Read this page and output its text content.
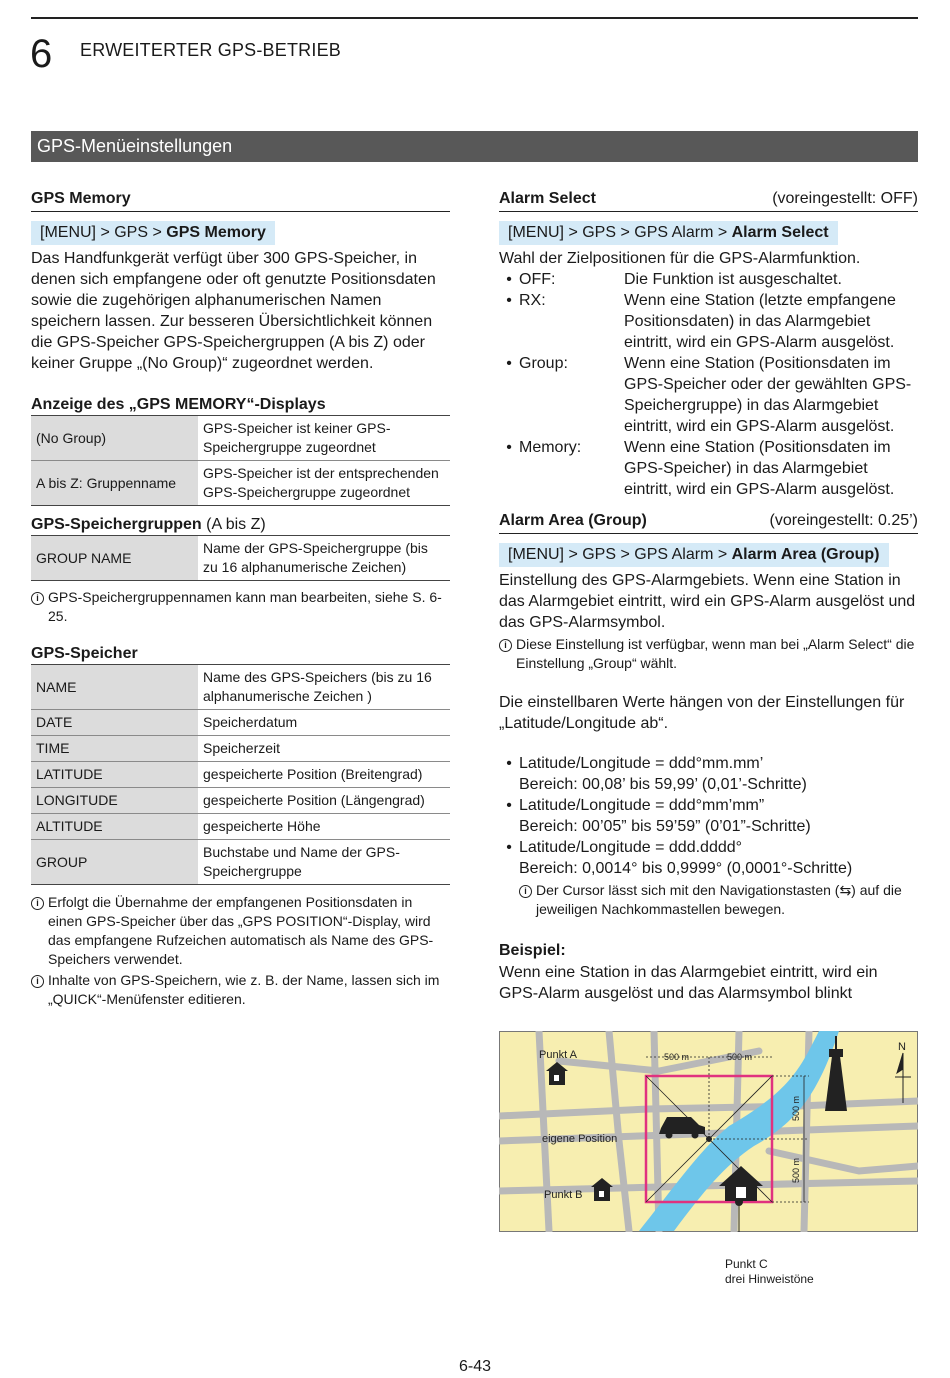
6 ERWEITERTER GPS-BETRIEB
GPS-Menüeinstellungen
GPS Memory
[MENU] > GPS > GPS Memory
Das Handfunkgerät verfügt über 300 GPS-Speicher, in denen sich empfangene oder oft genutzte Positionsdaten sowie die zugehörigen alphanumerischen Namen speichern lassen. Zur besseren Übersichtlichkeit können die GPS-Speicher GPS-Speichergruppen (A bis Z) oder keiner Gruppe „(No Group)“ zugeordnet werden.
Anzeige des „GPS MEMORY“-Displays
(No Group)	GPS-Speicher ist keiner GPS-Speichergruppe zugeordnet
A bis Z: Gruppenname	GPS-Speicher ist der entsprechenden GPS-Speichergruppe zugeordnet
GPS-Speichergruppen (A bis Z)
GROUP NAME	Name der GPS-Speichergruppe (bis zu 16 alphanumerische Zeichen)
i GPS-Speichergruppennamen kann man bearbeiten, siehe S. 6-25.
GPS-Speicher
NAME	Name des GPS-Speichers (bis zu 16 alphanumerische Zeichen )
DATE	Speicherdatum
TIME	Speicherzeit
LATITUDE	gespeicherte Position (Breitengrad)
LONGITUDE	gespeicherte Position (Längengrad)
ALTITUDE	gespeicherte Höhe
GROUP	Buchstabe und Name der GPS-Speichergruppe
i Erfolgt die Übernahme der empfangenen Positionsdaten in einen GPS-Speicher über das „GPS POSITION“-Display, wird das empfangene Rufzeichen automatisch als Name des GPS-Speichers verwendet.
i Inhalte von GPS-Speichern, wie z. B. der Name, lassen sich im „QUICK“-Menüfenster editieren.
Alarm Select	(voreingestellt: OFF)
[MENU] > GPS > GPS Alarm > Alarm Select
Wahl der Zielpositionen für die GPS-Alarmfunktion.
• OFF:	Die Funktion ist ausgeschaltet.
• RX:	Wenn eine Station (letzte empfangene Positionsdaten) in das Alarmgebiet eintritt, wird ein GPS-Alarm ausgelöst.
• Group:	Wenn eine Station (Positionsdaten im GPS-Speicher oder der gewählten GPS-Speichergruppe) in das Alarmgebiet eintritt, wird ein GPS-Alarm ausgelöst.
• Memory:	Wenn eine Station (Positionsdaten im GPS-Speicher) in das Alarmgebiet eintritt, wird ein GPS-Alarm ausgelöst.
Alarm Area (Group)	(voreingestellt: 0.25’)
[MENU] > GPS > GPS Alarm > Alarm Area (Group)
Einstellung des GPS-Alarmgebiets. Wenn eine Station in das Alarmgebiet eintritt, wird ein GPS-Alarm ausgelöst und das GPS-Alarmsymbol.
i Diese Einstellung ist verfügbar, wenn man bei „Alarm Select“ die Einstellung „Group“ wählt.
Die einstellbaren Werte hängen von der Einstellungen für „Latitude/Longitude ab“.
• Latitude/Longitude = ddd°mm.mm’
Bereich: 00,08’ bis 59,99’ (0,01’-Schritte)
• Latitude/Longitude = ddd°mm’mm”
Bereich: 00’05” bis 59’59” (0’01”-Schritte)
• Latitude/Longitude = ddd.dddd°
Bereich: 0,0014° bis 0,9999° (0,0001°-Schritte)
i Der Cursor lässt sich mit den Navigationstasten (⇆) auf die jeweiligen Nachkommastellen bewegen.
Beispiel:
Wenn eine Station in das Alarmgebiet eintritt, wird ein GPS-Alarm ausgelöst und das Alarmsymbol blinkt
Punkt A
Punkt B
eigene Position
500 m	500 m
500 m
500 m
N
Punkt C
drei Hinweistöne
6-43
